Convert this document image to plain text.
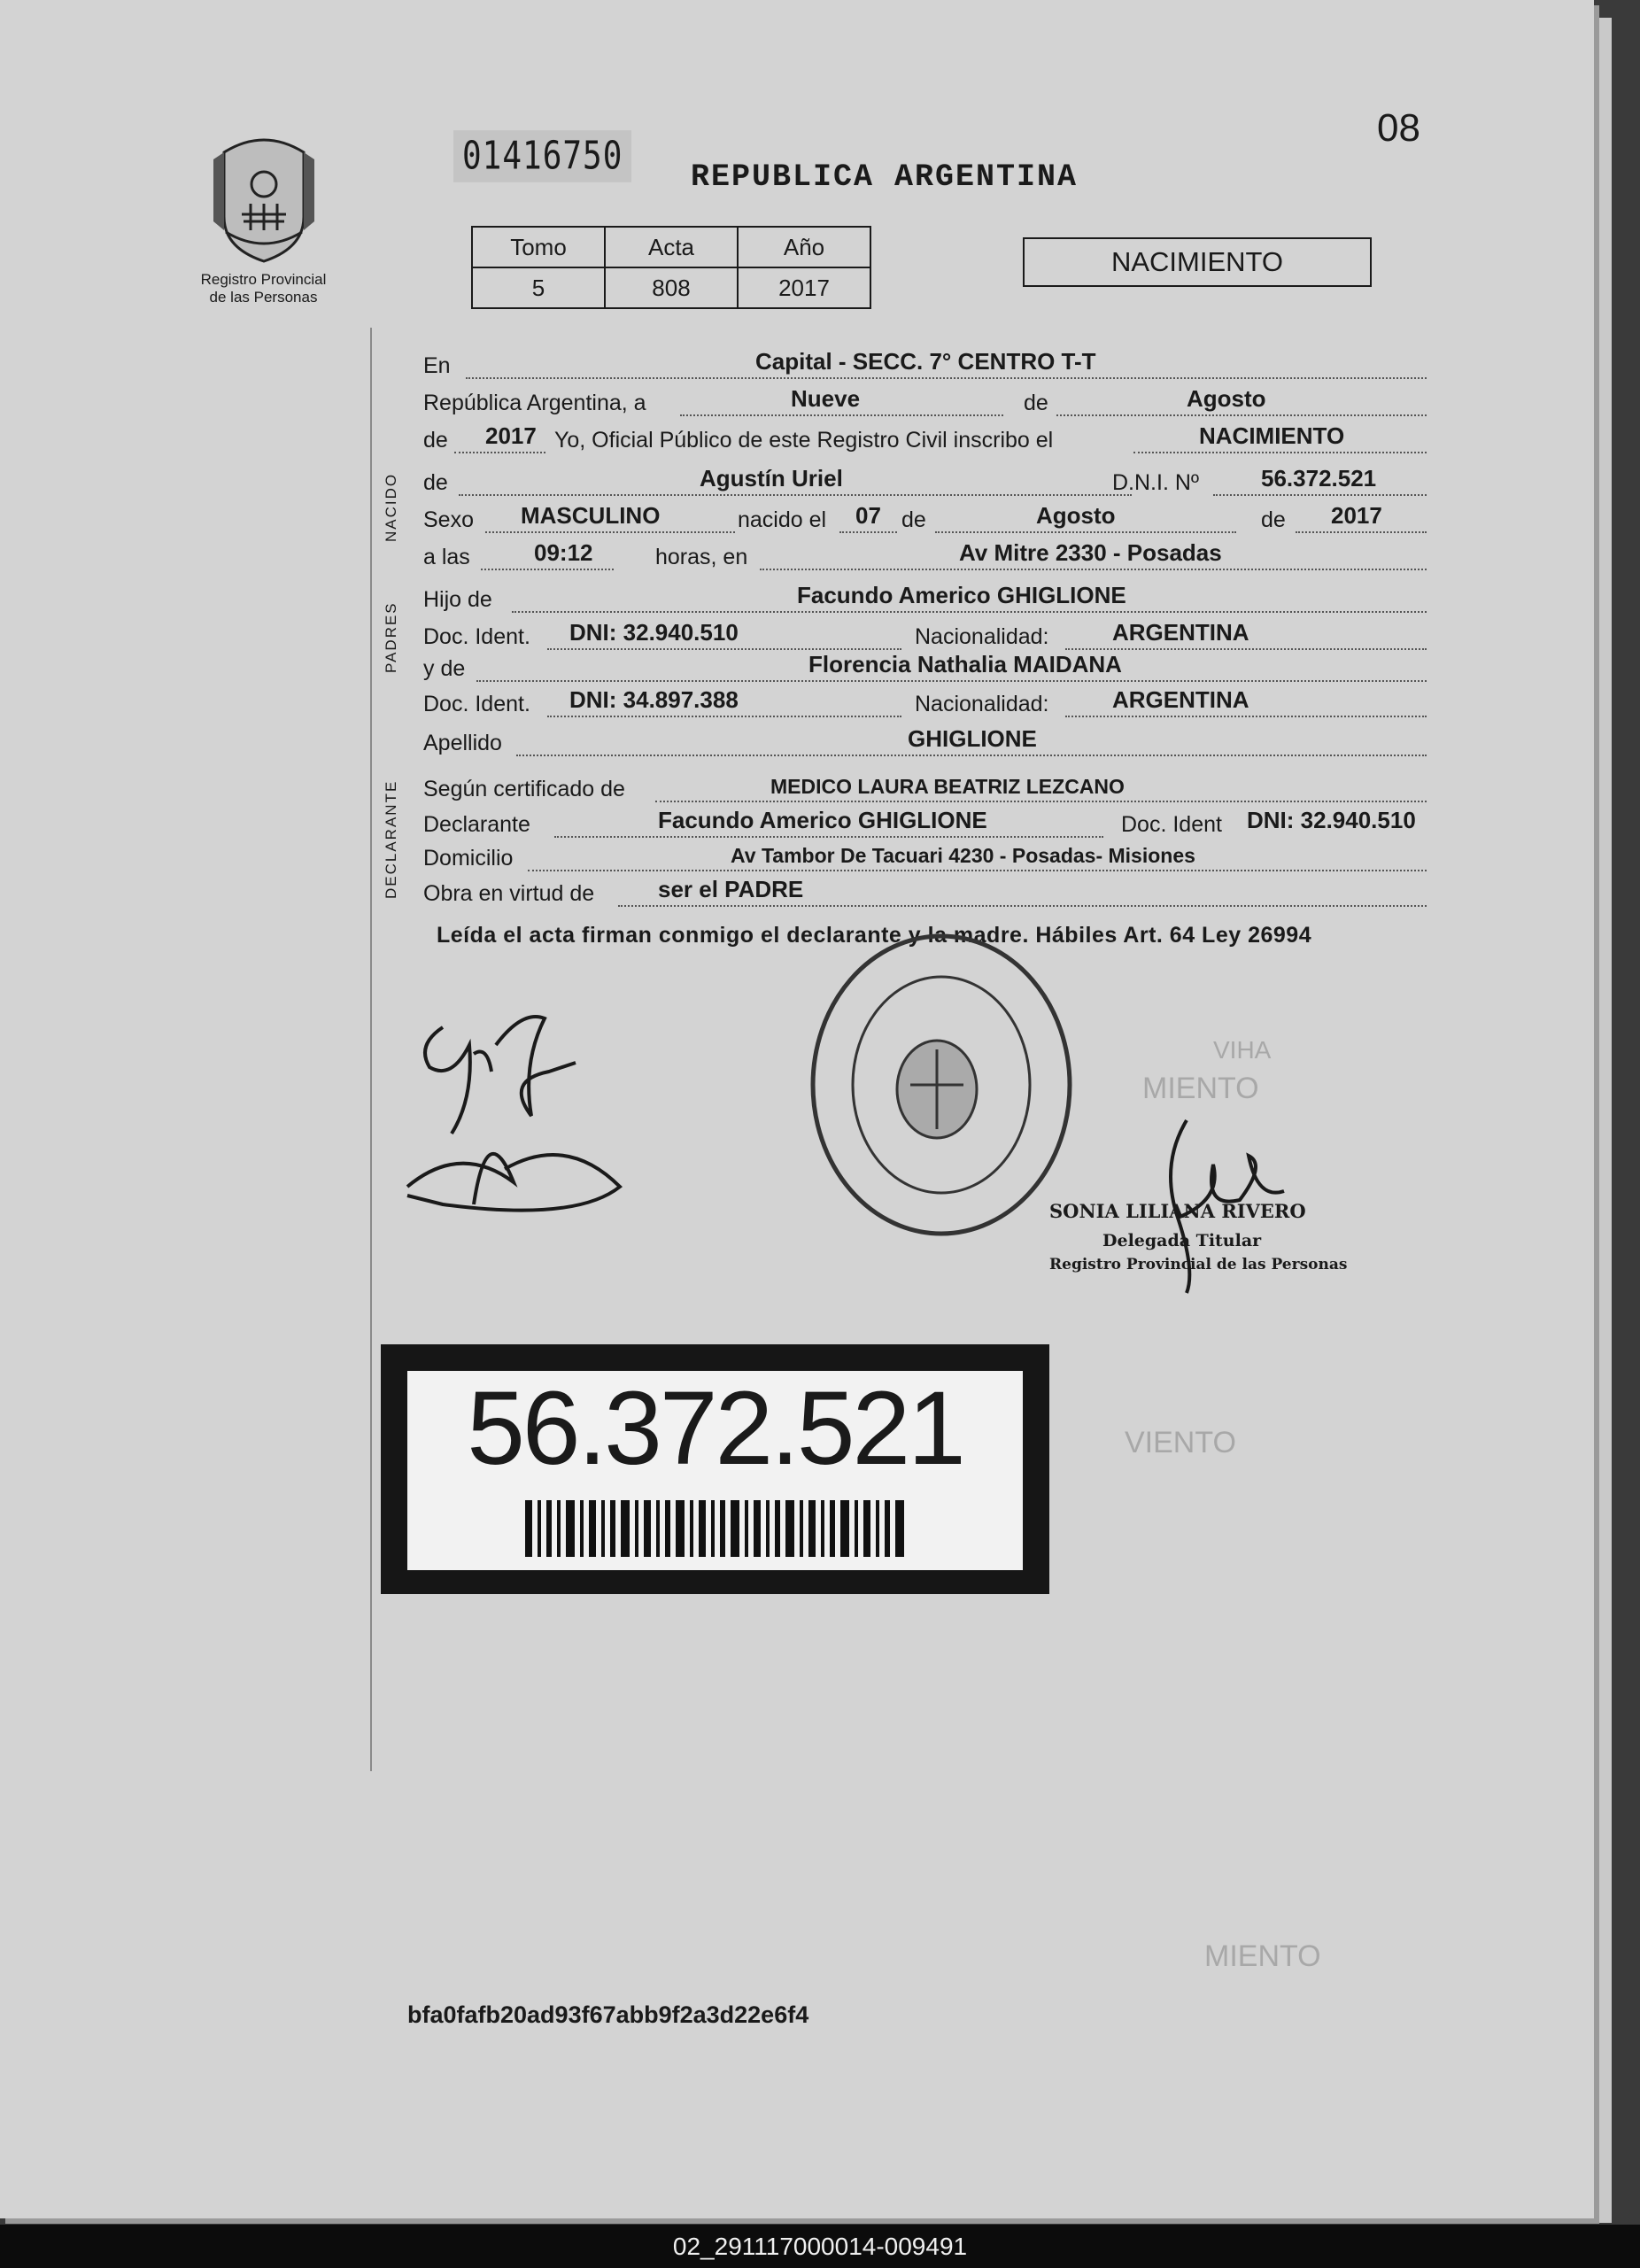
VIHA
MIENTO
VIENTO
MIENTO
08
01416750 REPUBLICA ARGENTINA
Registro Provincial
de las Personas
Tomo	Acta	Año
5	808	2017
NACIMIENTO
NACIDO
PADRES
DECLARANTE
En	Capital - SECC. 7° CENTRO T-T
República Argentina, a	Nueve	de	Agosto
de 2017 Yo, Oficial Público de este Registro Civil inscribo el	NACIMIENTO
de	Agustín Uriel	D.N.I. Nº	56.372.521
Sexo MASCULINO	nacido el 07 de	Agosto	de 2017
a las	09:12	horas, en	Av Mitre 2330 - Posadas
Hijo de	Facundo Americo GHIGLIONE
Doc. Ident. DNI: 32.940.510	Nacionalidad:	ARGENTINA
y de	Florencia Nathalia MAIDANA
Doc. Ident. DNI: 34.897.388	Nacionalidad:	ARGENTINA
Apellido	GHIGLIONE
Según certificado de	MEDICO LAURA BEATRIZ LEZCANO
Declarante	Facundo Americo GHIGLIONE	Doc. Ident DNI: 32.940.510
Domicilio	Av Tambor De Tacuari 4230 - Posadas- Misiones
Obra en virtud de	ser el PADRE
Leída el acta firman conmigo el declarante y la madre. Hábiles Art. 64 Ley 26994
SONIA LILIANA RIVERO
Delegada Titular
Registro Provincial de las Personas
56.372.521
bfa0fafb20ad93f67abb9f2a3d22e6f4
02_291117000014-009491
